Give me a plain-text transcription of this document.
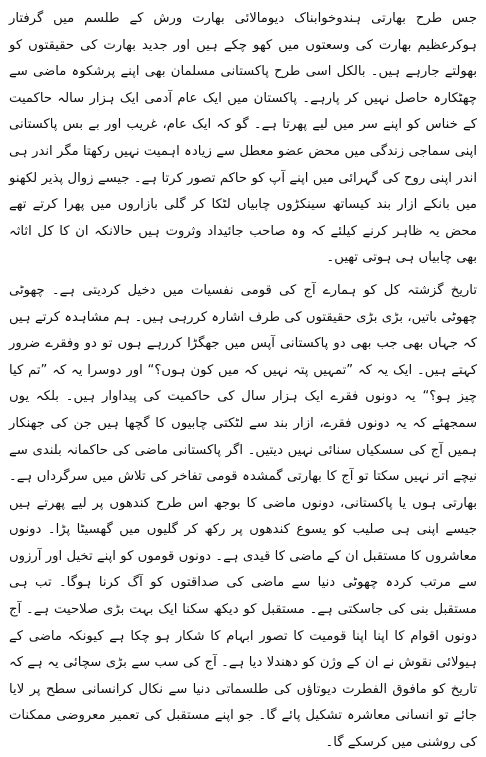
جس طرح بھارتی ہندوخوابناک دیومالائی بھارت ورش کے طلسم میں گرفتار ہوکرعظیم بھارت کی وسعتوں میں کھو چکے ہیں اور جدید بھارت کی حقیقتوں کو بھولتے جارہے ہیں۔ بالکل اسی طرح پاکستانی مسلمان بھی اپنے پرشکوہ ماضی سے چھٹکارہ حاصل نہیں کر پارہے۔ پاکستان میں ایک عام آدمی ایک ہزار سالہ حاکمیت کے خناس کو اپنے سر میں لیے پھرتا ہے۔ گو کہ ایک عام، غریب اور بے بس پاکستانی اپنی سماجی زندگی میں محض عضو معطل سے زیادہ اہمیت نہیں رکھتا مگر اندر ہی اندر اپنی روح کی گہرائی میں اپنے آپ کو حاکم تصور کرتا ہے۔ جیسے زوال پذیر لکھنو میں بانکے ازار بند کیساتھ سینکڑوں چابیاں لٹکا کر گلی بازاروں میں پھرا کرتے تھے محض یہ ظاہر کرنے کیلئے کہ وہ صاحب جائیداد وثروت ہیں حالانکہ ان کا کل اثاثہ بھی چابیاں ہی ہوتی تھیں۔

تاریخ گزشتہ کل کو ہمارے آج کی قومی نفسیات میں دخیل کردیتی ہے۔ چھوٹی چھوٹی باتیں، بڑی بڑی حقیقتوں کی طرف اشارہ کررہی ہیں۔ ہم مشاہدہ کرتے ہیں کہ جہاں بھی جب بھی دو پاکستانی آپس میں جھگڑا کررہے ہوں تو دو وفقرے ضرور کہتے ہیں۔ ایک یہ کہ ”تمہیں پتہ نہیں کہ میں کون ہوں؟“ اور دوسرا یہ کہ ”تم کیا چیز ہو؟“ یہ دونوں فقرے ایک ہزار سال کی حاکمیت کی پیداوار ہیں۔ بلکہ یوں سمجھئے کہ یہ دونوں فقرے، ازار بند سے لٹکتی چابیوں کا گچھا ہیں جن کی جھنکار ہمیں آج کی سسکیاں سنائی نہیں دیتیں۔ اگر پاکستانی ماضی کی حاکمانہ بلندی سے نیچے اتر نہیں سکتا تو آج کا بھارتی گمشدہ قومی تفاخر کی تلاش میں سرگرداں ہے۔ بھارتی ہوں یا پاکستانی، دونوں ماضی کا بوجھ اس طرح کندھوں پر لیے پھرتے ہیں جیسے اپنی ہی صلیب کو یسوع کندھوں پر رکھ کر گلیوں میں گھسیٹا پڑا۔ دونوں معاشروں کا مستقبل ان کے ماضی کا قیدی ہے۔ دونوں قوموں کو اپنے تخیل اور آرزوں سے مرتب کردہ چھوٹی دنیا سے ماضی کی صداقتوں کو آگ کرنا ہوگا۔ تب ہی مستقبل بنی کی جاسکتی ہے۔ مستقبل کو دیکھ سکنا ایک بہت بڑی صلاحیت ہے۔ آج دونوں اقوام کا اپنا اپنا قومیت کا تصور ابہام کا شکار ہو چکا ہے کیونکہ ماضی کے ہیولائی نقوش نے ان کے وژن کو دھندلا دیا ہے۔ آج کی سب سے بڑی سچائی یہ ہے کہ تاریخ کو مافوق الفطرت دیوتاؤں کی طلسماتی دنیا سے نکال کرانسانی سطح پر لایا جائے تو انسانی معاشرہ تشکیل پائے گا۔ جو اپنے مستقبل کی تعمیر معروضی ممکنات کی روشنی میں کرسکے گا۔
